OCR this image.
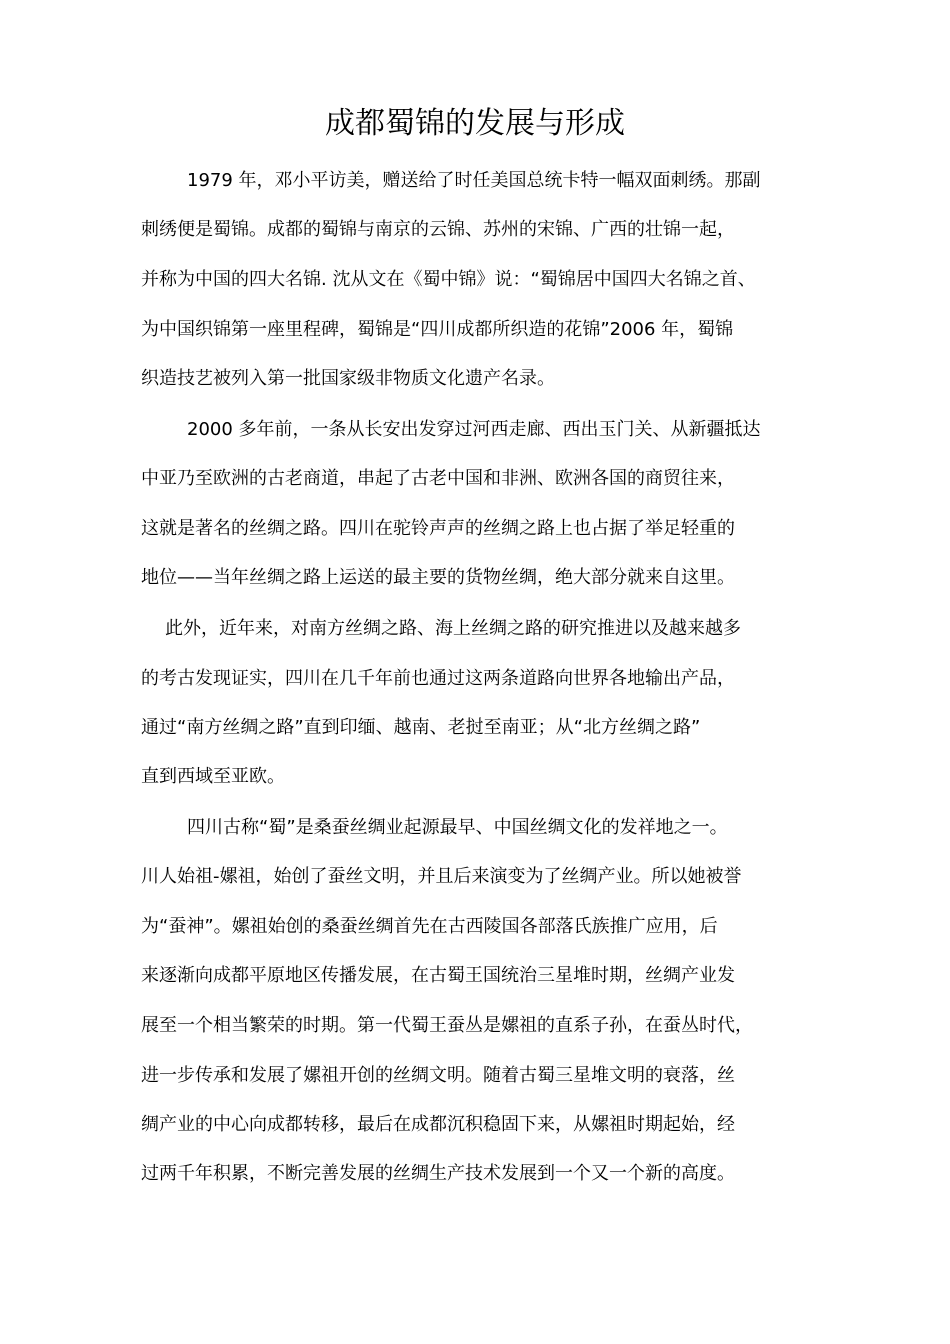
成都蜀锦的发展与形成

1979 年，邓小平访美，赠送给了时任美国总统卡特一幅双面刺绣。那副

刺绣便是蜀锦。成都的蜀锦与南京的云锦、苏州的宋锦、广西的壮锦一起，

并称为中国的四大名锦. 沈从文在《蜀中锦》说：“蜀锦居中国四大名锦之首、

为中国织锦第一座里程碑，蜀锦是“四川成都所织造的花锦”2006 年，蜀锦

织造技艺被列入第一批国家级非物质文化遗产名录。

2000 多年前，一条从长安出发穿过河西走廊、西出玉门关、从新疆抵达

中亚乃至欧洲的古老商道，串起了古老中国和非洲、欧洲各国的商贸往来，

这就是著名的丝绸之路。四川在驼铃声声的丝绸之路上也占据了举足轻重的

地位——当年丝绸之路上运送的最主要的货物丝绸，绝大部分就来自这里。

此外，近年来，对南方丝绸之路、海上丝绸之路的研究推进以及越来越多

的考古发现证实，四川在几千年前也通过这两条道路向世界各地输出产品，

通过“南方丝绸之路”直到印缅、越南、老挝至南亚；从“北方丝绸之路”

直到西域至亚欧。

四川古称“蜀”是桑蚕丝绸业起源最早、中国丝绸文化的发祥地之一。

川人始祖-嫘祖，始创了蚕丝文明，并且后来演变为了丝绸产业。所以她被誉

为“蚕神”。嫘祖始创的桑蚕丝绸首先在古西陵国各部落氏族推广应用，后

来逐渐向成都平原地区传播发展，在古蜀王国统治三星堆时期，丝绸产业发

展至一个相当繁荣的时期。第一代蜀王蚕丛是嫘祖的直系子孙，在蚕丛时代，

进一步传承和发展了嫘祖开创的丝绸文明。随着古蜀三星堆文明的衰落，丝

绸产业的中心向成都转移，最后在成都沉积稳固下来，从嫘祖时期起始，经

过两千年积累，不断完善发展的丝绸生产技术发展到一个又一个新的高度。
